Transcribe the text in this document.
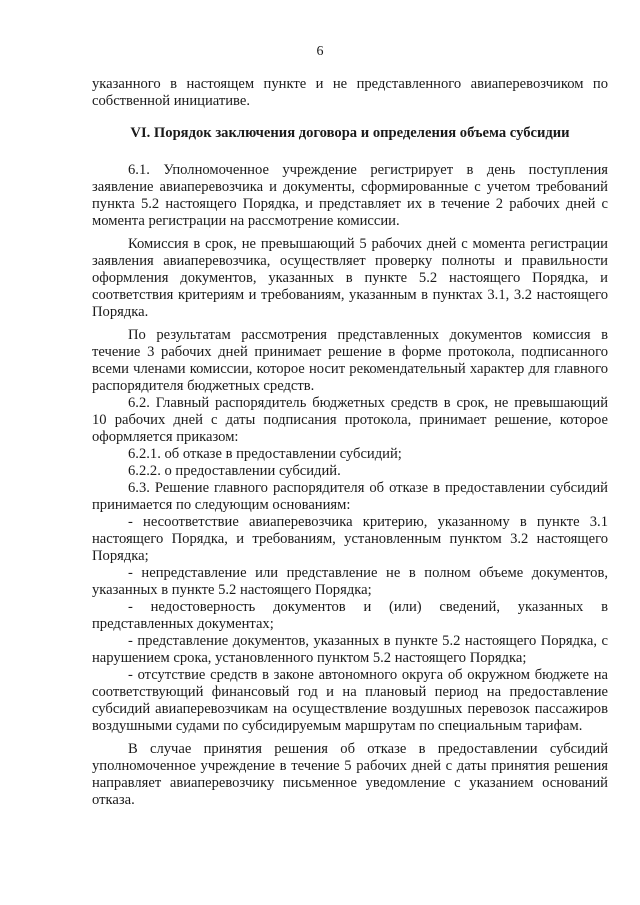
6

указанного в настоящем пункте и не представленного авиаперевозчиком по собственной инициативе.

VI. Порядок заключения договора и определения объема субсидии

6.1. Уполномоченное учреждение регистрирует в день поступления заявление авиаперевозчика и документы, сформированные с учетом требований пункта 5.2 настоящего Порядка, и представляет их в течение 2 рабочих дней с момента регистрации на рассмотрение комиссии.

Комиссия в срок, не превышающий 5 рабочих дней с момента регистрации заявления авиаперевозчика, осуществляет проверку полноты и правильности оформления документов, указанных в пункте 5.2 настоящего Порядка, и соответствия критериям и требованиям, указанным в пунктах 3.1, 3.2 настоящего Порядка.

По результатам рассмотрения представленных документов комиссия в течение 3 рабочих дней принимает решение в форме протокола, подписанного всеми членами комиссии, которое носит рекомендательный характер для главного распорядителя бюджетных средств.

6.2. Главный распорядитель бюджетных средств в срок, не превышающий 10 рабочих дней с даты подписания протокола, принимает решение, которое оформляется приказом:

6.2.1. об отказе в предоставлении субсидий;

6.2.2. о предоставлении субсидий.

6.3. Решение главного распорядителя об отказе в предоставлении субсидий принимается по следующим основаниям:

- несоответствие авиаперевозчика критерию, указанному в пункте 3.1 настоящего Порядка, и требованиям, установленным пунктом 3.2 настоящего Порядка;

- непредставление или представление не в полном объеме документов, указанных в пункте 5.2 настоящего Порядка;

- недостоверность документов и (или) сведений, указанных в представленных документах;

- представление документов, указанных в пункте 5.2 настоящего Порядка, с нарушением срока, установленного пунктом 5.2 настоящего Порядка;

- отсутствие средств в законе автономного округа об окружном бюджете на соответствующий финансовый год и на плановый период на предоставление субсидий авиаперевозчикам на осуществление воздушных перевозок пассажиров воздушными судами по субсидируемым маршрутам по специальным тарифам.

В случае принятия решения об отказе в предоставлении субсидий уполномоченное учреждение в течение 5 рабочих дней с даты принятия решения направляет авиаперевозчику письменное уведомление с указанием оснований отказа.
